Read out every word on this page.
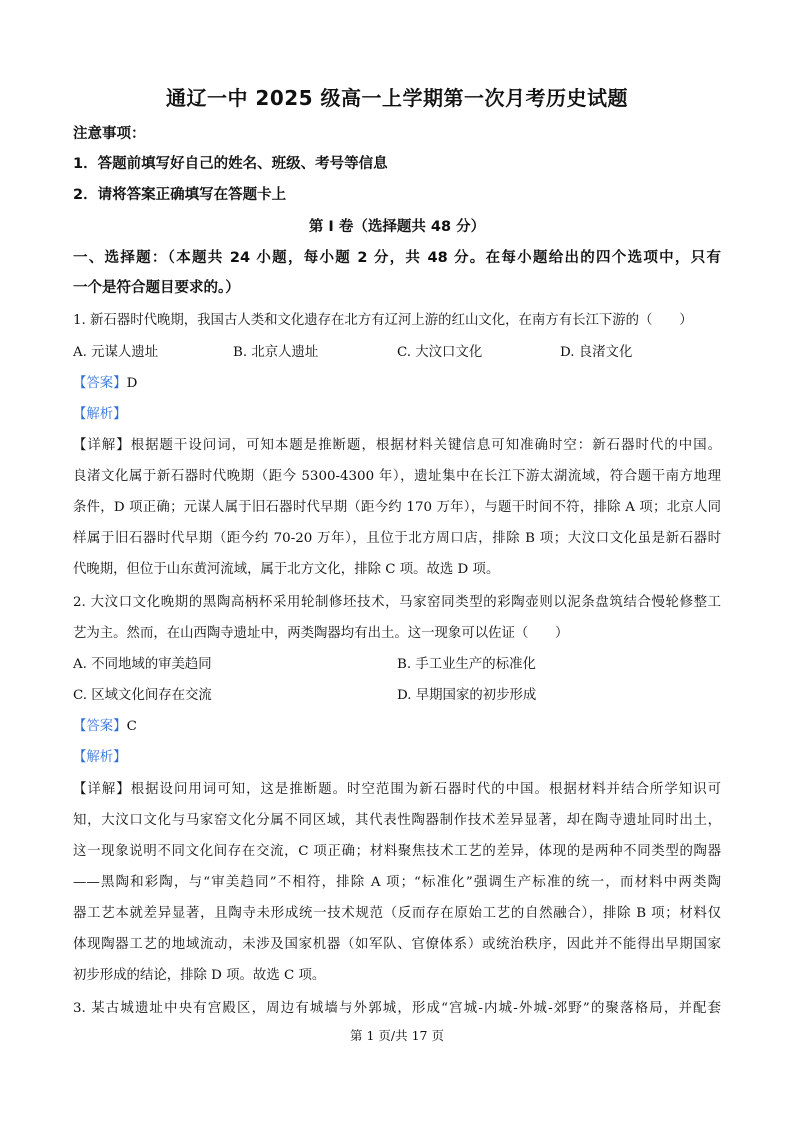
通辽一中 2025 级高一上学期第一次月考历史试题
注意事项：
1．答题前填写好自己的姓名、班级、考号等信息
2．请将答案正确填写在答题卡上
第 I 卷（选择题共 48 分）
一、选择题：（本题共 24 小题，每小题 2 分，共 48 分。在每小题给出的四个选项中，只有
一个是符合题目要求的。）
1. 新石器时代晚期，我国古人类和文化遗存在北方有辽河上游的红山文化，在南方有长江下游的（　　）
A. 元谋人遗址	B. 北京人遗址	C. 大汶口文化	D. 良渚文化
【答案】D
【解析】
【详解】根据题干设问词，可知本题是推断题，根据材料关键信息可知准确时空：新石器时代的中国。
良渚文化属于新石器时代晚期（距今 5300-4300 年），遗址集中在长江下游太湖流域，符合题干南方地理
条件，D 项正确；元谋人属于旧石器时代早期（距今约 170 万年），与题干时间不符，排除 A 项；北京人同
样属于旧石器时代早期（距今约 70-20 万年），且位于北方周口店，排除 B 项；大汶口文化虽是新石器时
代晚期，但位于山东黄河流域，属于北方文化，排除 C 项。故选 D 项。
2. 大汶口文化晚期的黑陶高柄杯采用轮制修坯技术，马家窑同类型的彩陶壶则以泥条盘筑结合慢轮修整工
艺为主。然而，在山西陶寺遗址中，两类陶器均有出土。这一现象可以佐证（　　）
A. 不同地域的审美趋同	B. 手工业生产的标准化
C. 区域文化间存在交流	D. 早期国家的初步形成
【答案】C
【解析】
【详解】根据设问用词可知，这是推断题。时空范围为新石器时代的中国。根据材料并结合所学知识可
知，大汶口文化与马家窑文化分属不同区域，其代表性陶器制作技术差异显著，却在陶寺遗址同时出土，
这一现象说明不同文化间存在交流，C 项正确；材料聚焦技术工艺的差异，体现的是两种不同类型的陶器
——黑陶和彩陶，与“审美趋同”不相符，排除 A 项；“标准化”强调生产标准的统一，而材料中两类陶
器工艺本就差异显著，且陶寺未形成统一技术规范（反而存在原始工艺的自然融合），排除 B 项；材料仅
体现陶器工艺的地域流动，未涉及国家机器（如军队、官僚体系）或统治秩序，因此并不能得出早期国家
初步形成的结论，排除 D 项。故选 C 项。
3. 某古城遗址中央有宫殿区，周边有城墙与外郭城，形成“宫城-内城-外城-郊野”的聚落格局，并配套
第 1 页/共 17 页
